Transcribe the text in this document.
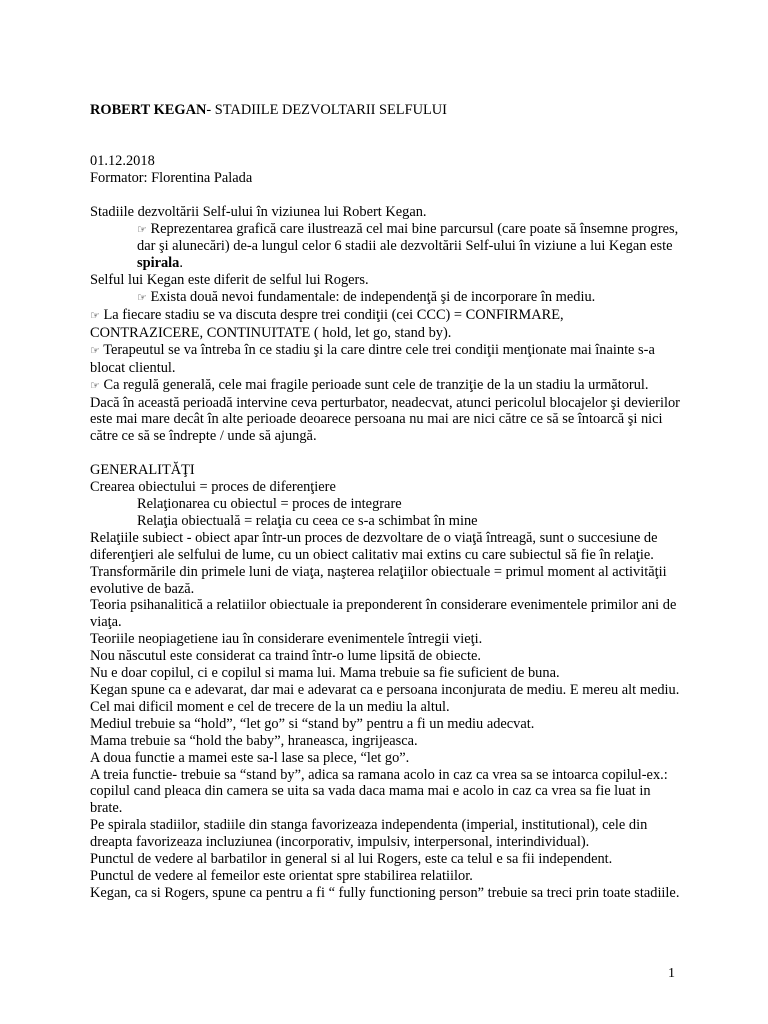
ROBERT KEGAN- STADIILE DEZVOLTARII SELFULUI

01.12.2018

Formator: Florentina Palada

Stadiile dezvoltării Self-ului în viziunea lui Robert Kegan.

☞ Reprezentarea grafică care ilustrează cel mai bine parcursul (care poate să însemne progres, dar şi alunecări) de-a lungul celor 6 stadii ale dezvoltării Self-ului în viziune a lui Kegan este spirala.

Selful lui Kegan este diferit de selful lui Rogers.

☞ Exista două nevoi fundamentale: de independenţă şi de incorporare în mediu.

☞ La fiecare stadiu se va discuta despre trei condiţii (cei CCC) = CONFIRMARE, CONTRAZICERE, CONTINUITATE ( hold, let go, stand by).

☞ Terapeutul se va întreba în ce stadiu şi la care dintre cele trei condiţii menţionate mai înainte s-a blocat clientul.

☞ Ca regulă generală, cele mai fragile perioade sunt cele de tranziţie de la un stadiu la următorul. Dacă în această perioadă intervine ceva perturbator, neadecvat, atunci pericolul blocajelor şi devierilor este mai mare decât în alte perioade deoarece persoana nu mai are nici către ce să se întoarcă şi nici către ce să se îndrepte / unde să ajungă.

GENERALITĂŢI

Crearea obiectului = proces de diferenţiere

Relaţionarea cu obiectul = proces de integrare

Relaţia obiectuală = relaţia cu ceea ce s-a schimbat în mine

Relaţiile subiect - obiect apar într-un proces de dezvoltare de o viaţă întreagă, sunt o succesiune de diferenţieri ale selfului de lume, cu un obiect calitativ mai extins cu care subiectul să fie în relaţie.

Transformările din primele luni de viaţa, naşterea relaţiilor obiectuale = primul moment al activităţii evolutive de bază.

Teoria psihanalitică a relatiilor obiectuale ia preponderent în considerare evenimentele primilor ani de viaţa.

Teoriile neopiagetiene iau în considerare evenimentele întregii vieţi.

Nou născutul este considerat ca traind într-o lume lipsită de obiecte.

Nu e doar copilul, ci e copilul si mama lui. Mama trebuie sa fie suficient de buna.

Kegan spune ca e adevarat, dar mai e adevarat ca e persoana inconjurata de mediu. E mereu alt mediu. Cel mai dificil moment e cel de trecere de la un mediu la altul.

Mediul trebuie sa “hold”, “let go” si “stand by” pentru a fi un mediu adecvat.

Mama trebuie sa “hold the baby”, hraneasca, ingrijeasca.

A doua functie a mamei este sa-l lase sa plece, “let go”.

A treia functie- trebuie sa “stand by”, adica sa ramana acolo in caz ca vrea sa se intoarca copilul-ex.: copilul cand pleaca din camera se uita sa vada daca mama mai e acolo in caz ca vrea sa fie luat in brate.

Pe spirala stadiilor, stadiile din stanga favorizeaza independenta (imperial, institutional), cele din dreapta favorizeaza incluziunea (incorporativ, impulsiv, interpersonal, interindividual).

Punctul de vedere al barbatilor in general si al lui Rogers, este ca telul e sa fii independent.

Punctul de vedere al femeilor este orientat spre stabilirea relatiilor.

Kegan, ca si Rogers, spune ca pentru a fi “ fully functioning person” trebuie sa treci prin toate stadiile.

1
